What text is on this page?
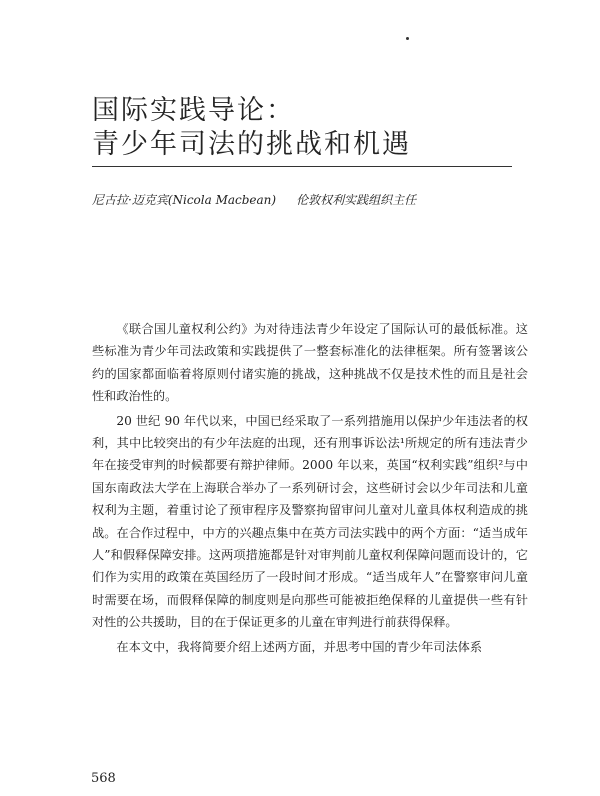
国际实践导论：
青少年司法的挑战和机遇
尼古拉·迈克宾(Nicola Macbean) 伦敦权利实践组织主任

《联合国儿童权利公约》为对待违法青少年设定了国际认可的最低标准。这些标准为青少年司法政策和实践提供了一整套标准化的法律框架。所有签署该公约的国家都面临着将原则付诸实施的挑战，这种挑战不仅是技术性的而且是社会性和政治性的。

20 世纪 90 年代以来，中国已经采取了一系列措施用以保护少年违法者的权利，其中比较突出的有少年法庭的出现，还有刑事诉讼法¹所规定的所有违法青少年在接受审判的时候都要有辩护律师。2000 年以来，英国“权利实践”组织²与中国东南政法大学在上海联合举办了一系列研讨会，这些研讨会以少年司法和儿童权利为主题，着重讨论了预审程序及警察拘留审问儿童对儿童具体权利造成的挑战。在合作过程中，中方的兴趣点集中在英方司法实践中的两个方面：“适当成年人”和假释保障安排。这两项措施都是针对审判前儿童权利保障问题而设计的，它们作为实用的政策在英国经历了一段时间才形成。“适当成年人”在警察审问儿童时需要在场，而假释保障的制度则是向那些可能被拒绝保释的儿童提供一些有针对性的公共援助，目的在于保证更多的儿童在审判进行前获得保释。

在本文中，我将简要介绍上述两方面，并思考中国的青少年司法体系

568
